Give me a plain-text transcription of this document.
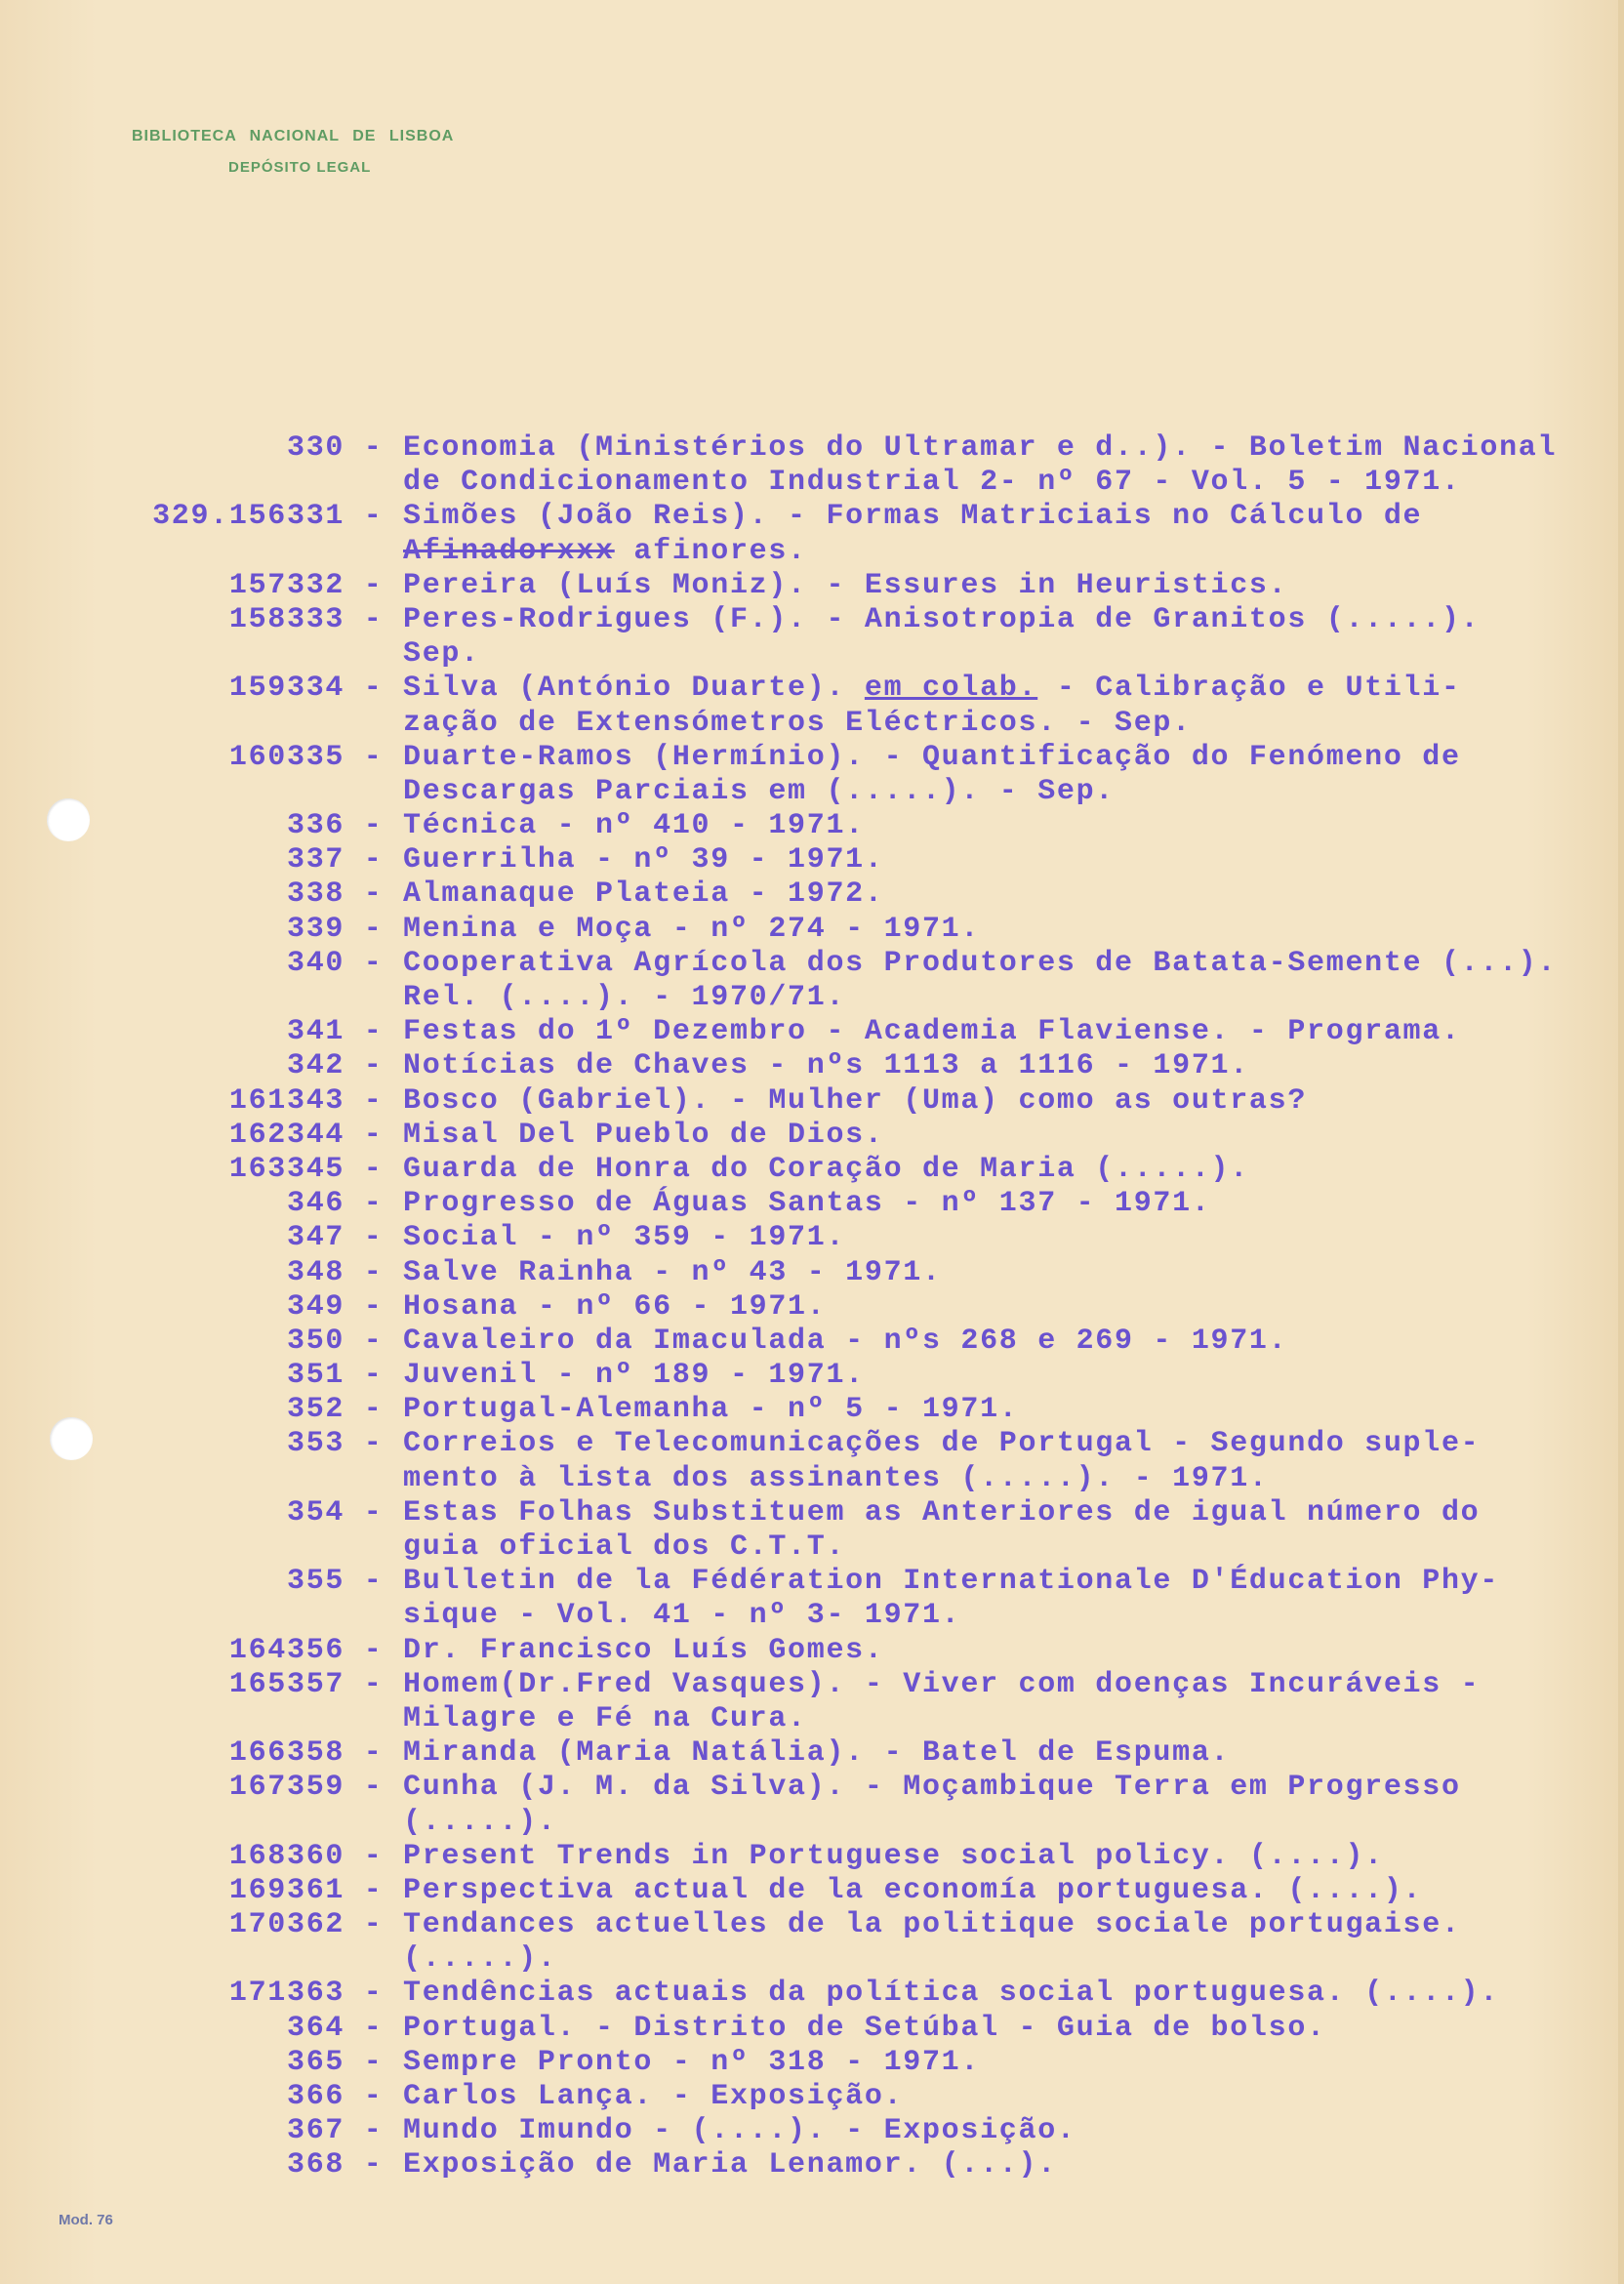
BIBLIOTECA NACIONAL DE LISBOA
DEPÓSITO LEGAL
330 - Economia (Ministérios do Ultramar e d..). - Boletim Nacional
de Condicionamento Industrial 2- nº 67 - Vol. 5 - 1971.
329.156 331 - Simões (João Reis). - Formas Matriciais no Cálculo de
Afinadorxxx afinores.
157 332 - Pereira (Luís Moniz). - Essures in Heuristics.
158 333 - Peres-Rodrigues (F.). - Anisotropia de Granitos (.....).
Sep.
159 334 - Silva (António Duarte). em colab. - Calibração e Utili-
zação de Extensómetros Eléctricos. - Sep.
160 335 - Duarte-Ramos (Hermínio). - Quantificação do Fenómeno de
Descargas Parciais em (.....). - Sep.
336 - Técnica - nº 410 - 1971.
337 - Guerrilha - nº 39 - 1971.
338 - Almanaque Plateia - 1972.
339 - Menina e Moça - nº 274 - 1971.
340 - Cooperativa Agrícola dos Produtores de Batata-Semente (...).
Rel. (....). - 1970/71.
341 - Festas do 1º Dezembro - Academia Flaviense. - Programa.
342 - Notícias de Chaves - nºs 1113 a 1116 - 1971.
161 343 - Bosco (Gabriel). - Mulher (Uma) como as outras?
162 344 - Misal Del Pueblo de Dios.
163 345 - Guarda de Honra do Coração de Maria (.....).
346 - Progresso de Águas Santas - nº 137 - 1971.
347 - Social - nº 359 - 1971.
348 - Salve Rainha - nº 43 - 1971.
349 - Hosana - nº 66 - 1971.
350 - Cavaleiro da Imaculada - nºs 268 e 269 - 1971.
351 - Juvenil - nº 189 - 1971.
352 - Portugal-Alemanha - nº 5 - 1971.
353 - Correios e Telecomunicações de Portugal - Segundo suple-
mento à lista dos assinantes (.....). - 1971.
354 - Estas Folhas Substituem as Anteriores de igual número do
guia oficial dos C.T.T.
355 - Bulletin de la Fédération Internationale D'Éducation Phy-
sique - Vol. 41 - nº 3- 1971.
164 356 - Dr. Francisco Luís Gomes.
165 357 - Homem(Dr.Fred Vasques). - Viver com doenças Incuráveis -
Milagre e Fé na Cura.
166 358 - Miranda (Maria Natália). - Batel de Espuma.
167 359 - Cunha (J. M. da Silva). - Moçambique Terra em Progresso
(.....).
168 360 - Present Trends in Portuguese social policy. (....).
169 361 - Perspectiva actual de la economía portuguesa. (....).
170 362 - Tendances actuelles de la politique sociale portugaise.
(.....).
171 363 - Tendências actuais da política social portuguesa. (....).
364 - Portugal. - Distrito de Setúbal - Guia de bolso.
365 - Sempre Pronto - nº 318 - 1971.
366 - Carlos Lança. - Exposição.
367 - Mundo Imundo - (....). - Exposição.
368 - Exposição de Maria Lenamor. (...).
Mod. 76
